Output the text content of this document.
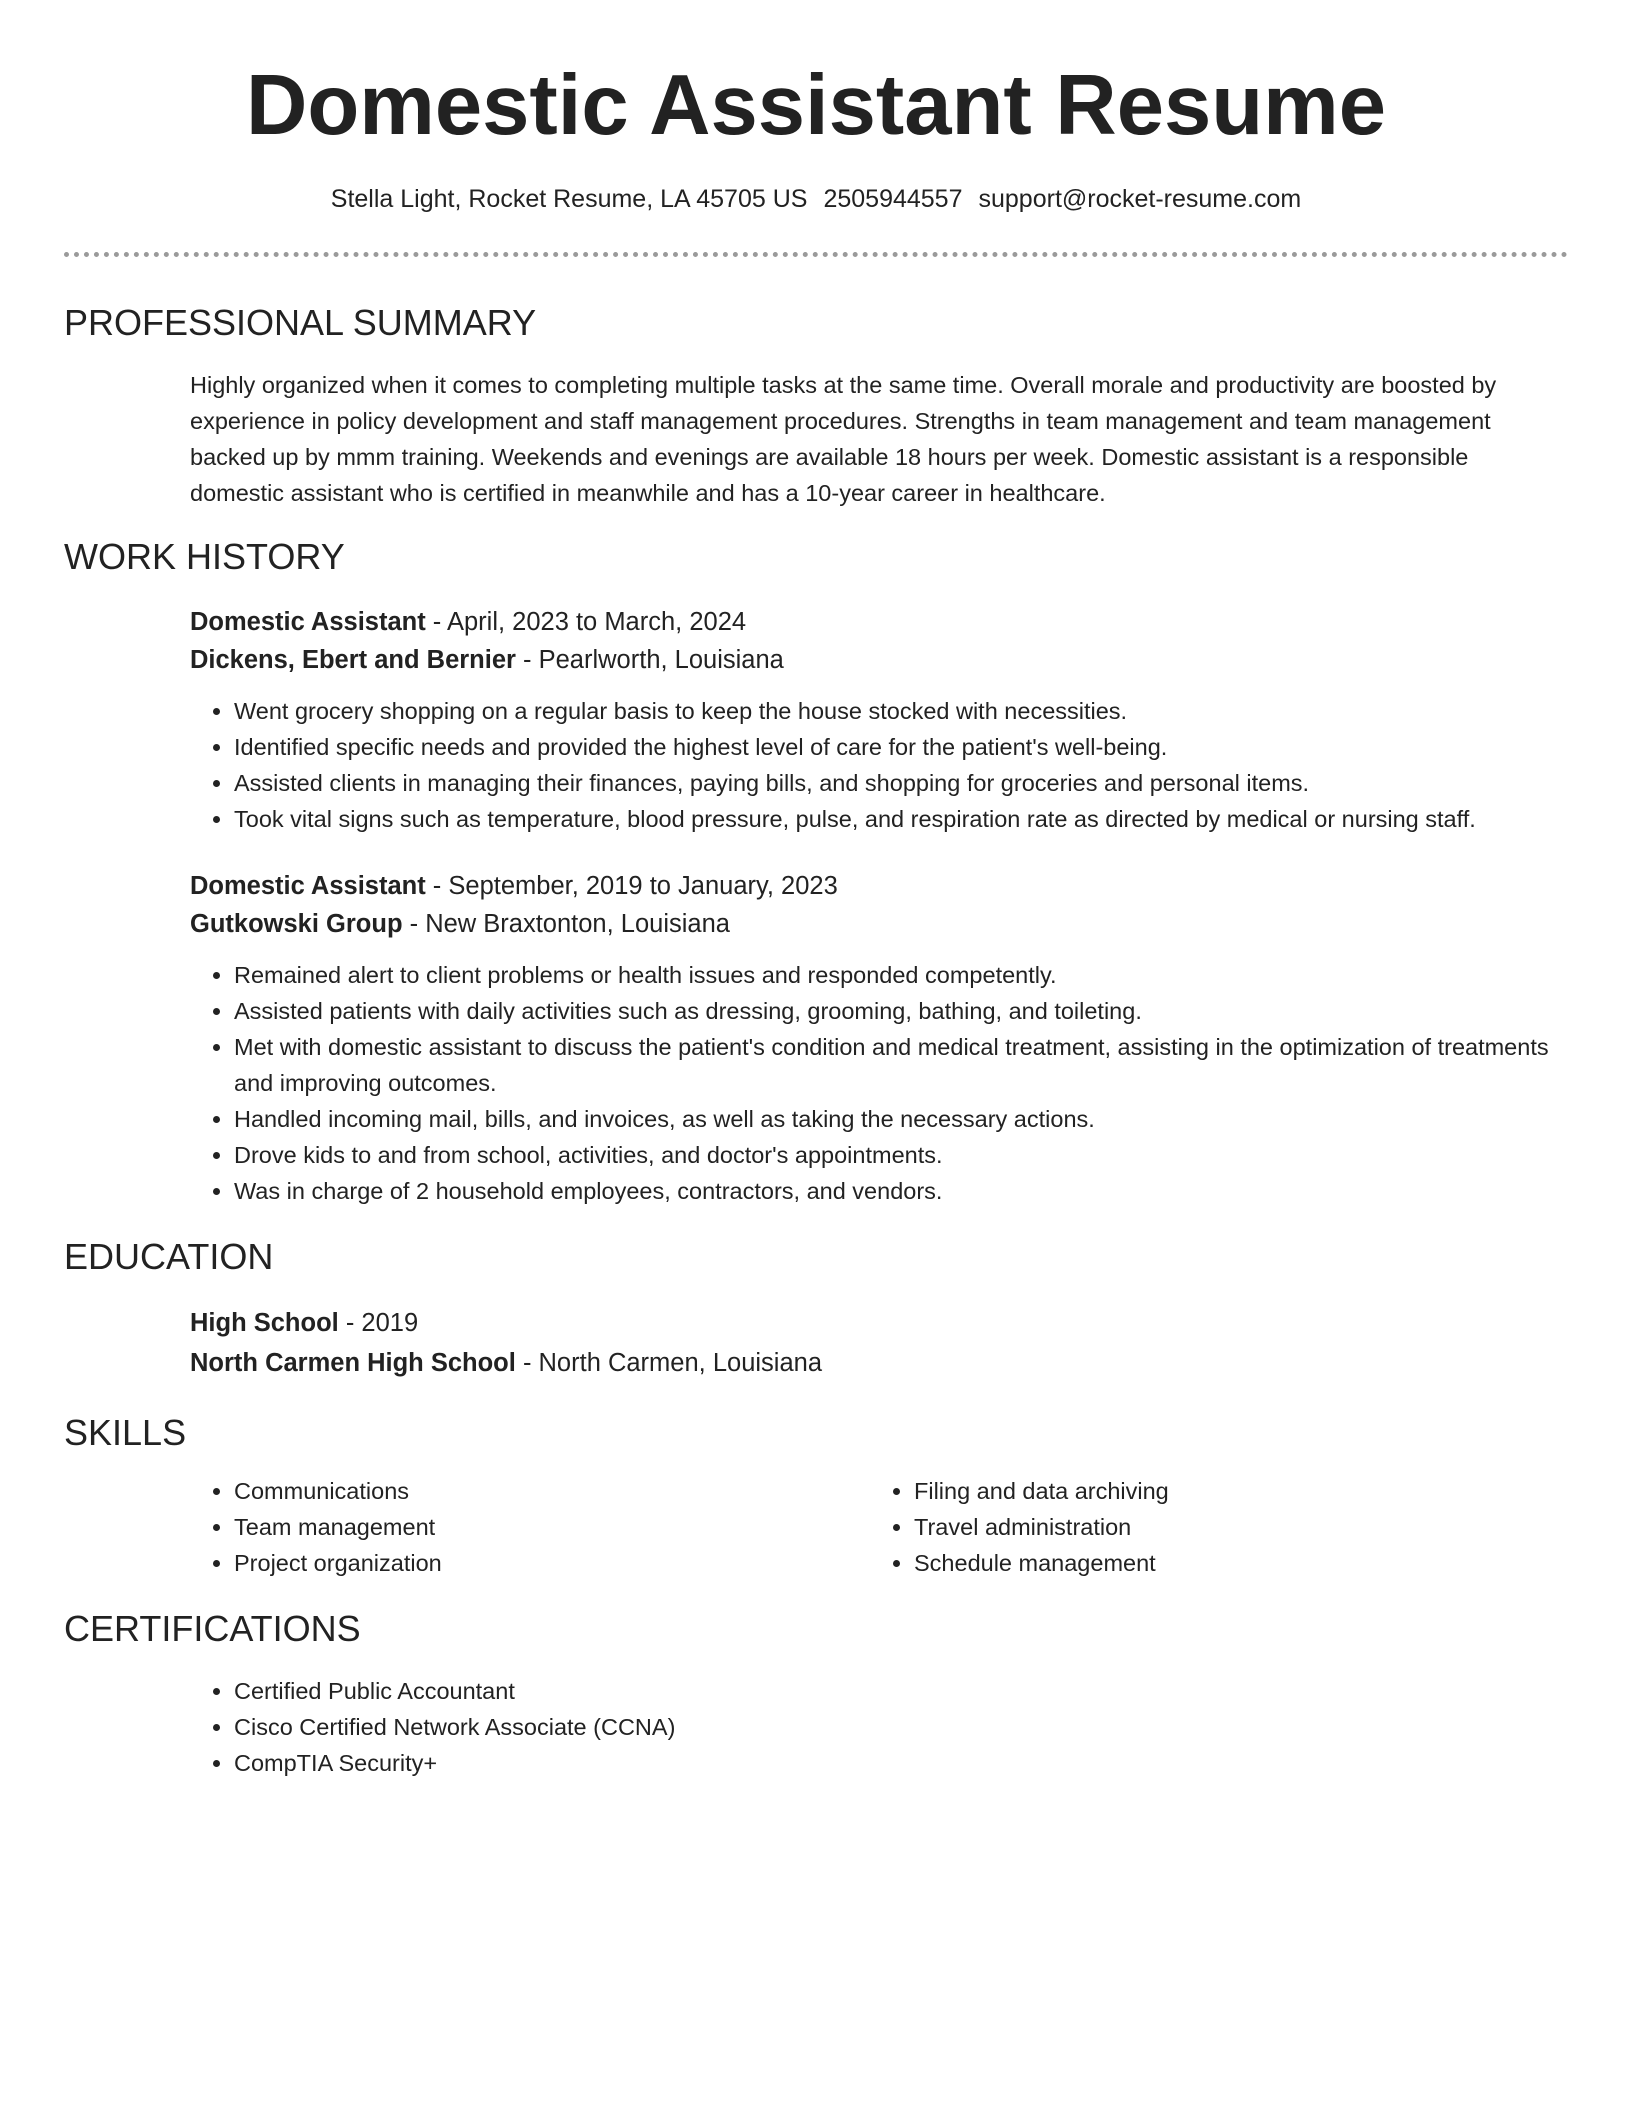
Domestic Assistant Resume
Stella Light, Rocket Resume, LA 45705 US 2505944557 support@rocket-resume.com
PROFESSIONAL SUMMARY
Highly organized when it comes to completing multiple tasks at the same time. Overall morale and productivity are boosted by experience in policy development and staff management procedures. Strengths in team management and team management backed up by mmm training. Weekends and evenings are available 18 hours per week. Domestic assistant is a responsible domestic assistant who is certified in meanwhile and has a 10-year career in healthcare.
WORK HISTORY
Domestic Assistant - April, 2023 to March, 2024
Dickens, Ebert and Bernier - Pearlworth, Louisiana
• Went grocery shopping on a regular basis to keep the house stocked with necessities.
• Identified specific needs and provided the highest level of care for the patient's well-being.
• Assisted clients in managing their finances, paying bills, and shopping for groceries and personal items.
• Took vital signs such as temperature, blood pressure, pulse, and respiration rate as directed by medical or nursing staff.
Domestic Assistant - September, 2019 to January, 2023
Gutkowski Group - New Braxtonton, Louisiana
• Remained alert to client problems or health issues and responded competently.
• Assisted patients with daily activities such as dressing, grooming, bathing, and toileting.
• Met with domestic assistant to discuss the patient's condition and medical treatment, assisting in the optimization of treatments and improving outcomes.
• Handled incoming mail, bills, and invoices, as well as taking the necessary actions.
• Drove kids to and from school, activities, and doctor's appointments.
• Was in charge of 2 household employees, contractors, and vendors.
EDUCATION
High School - 2019
North Carmen High School - North Carmen, Louisiana
SKILLS
• Communications
• Team management
• Project organization
• Filing and data archiving
• Travel administration
• Schedule management
CERTIFICATIONS
• Certified Public Accountant
• Cisco Certified Network Associate (CCNA)
• CompTIA Security+
